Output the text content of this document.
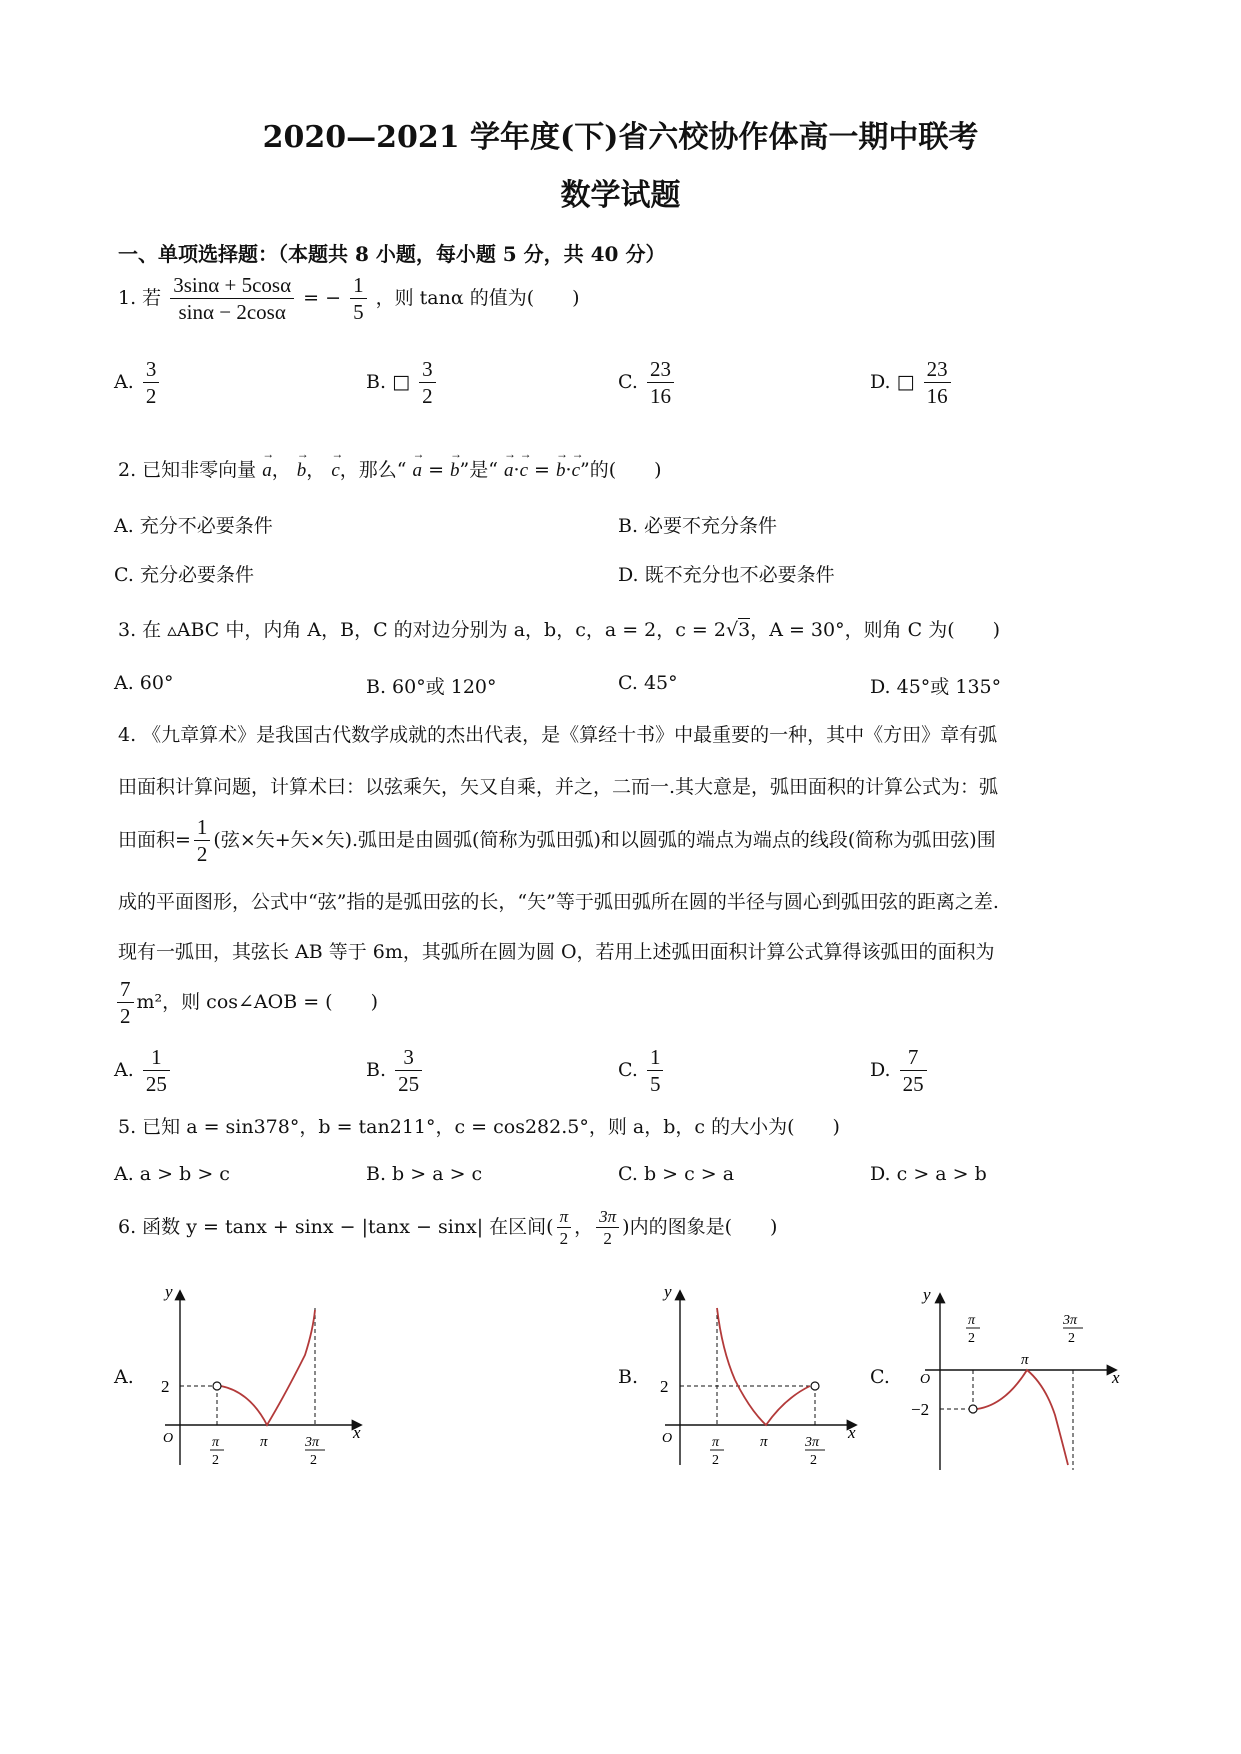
2020—2021 学年度(下)省六校协作体高一期中联考
数学试题
一、单项选择题：（本题共 8 小题，每小题 5 分，共 40 分）
1. 若 $\frac{3\sin\alpha + 5\cos\alpha}{\sin\alpha - 2\cos\alpha}$ = − $\frac{1}{5}$ ，则 tanα 的值为(　　)
A. $\frac{3}{2}$	B. □ $\frac{3}{2}$	C. $\frac{23}{16}$	D. □ $\frac{23}{16}$
2. 已知非零向量 → a， → b， → c，那么“ → a = → b”是“ → a·→ c = → b·→ c”的(　　)
A. 充分不必要条件	B. 必要不充分条件
C. 充分必要条件	D. 既不充分也不必要条件
3. 在 ▵ABC 中，内角 A，B，C 的对边分别为 a，b，c，a = 2，c = 2√3，A = 30°，则角 C 为(　　)
A. 60°	B. 60°或 120°	C. 45°	D. 45°或 135°
4. 《九章算术》是我国古代数学成就的杰出代表，是《算经十书》中最重要的一种，其中《方田》章有弧
田面积计算问题，计算术曰：以弦乘矢，矢又自乘，并之，二而一.其大意是，弧田面积的计算公式为：弧
田面积= $\frac{1}{2}$ (弦×矢+矢×矢).弧田是由圆弧(简称为弧田弧)和以圆弧的端点为端点的线段(简称为弧田弦)围
成的平面图形，公式中“弦”指的是弧田弦的长，“矢”等于弧田弧所在圆的半径与圆心到弧田弦的距离之差.
现有一弧田，其弦长 AB 等于 6m，其弧所在圆为圆 O，若用上述弧田面积计算公式算得该弧田的面积为
$\frac{7}{2} m^2$，则 cos∠AOB = (　　)
A. $\frac{1}{25}$	B. $\frac{3}{25}$	C. $\frac{1}{5}$	D. $\frac{7}{25}$
5. 已知 a = sin378°，b = tan211°，c = cos282.5°，则 a，b，c 的大小为(　　)
A. a > b > c	B. b > a > c	C. b > c > a	D. c > a > b
6. 函数 y = tanx + sinx − |tanx − sinx| 在区间( $\frac{\pi}{2}$ ， $\frac{3\pi}{2}$ )内的图象是(　　)
A.	B.	C.
y
x
O
2
π
2
π	3π
2
y
x
O
2
π
2
π	3π
2
y
x
O
−2
π
2
π
3π
2
